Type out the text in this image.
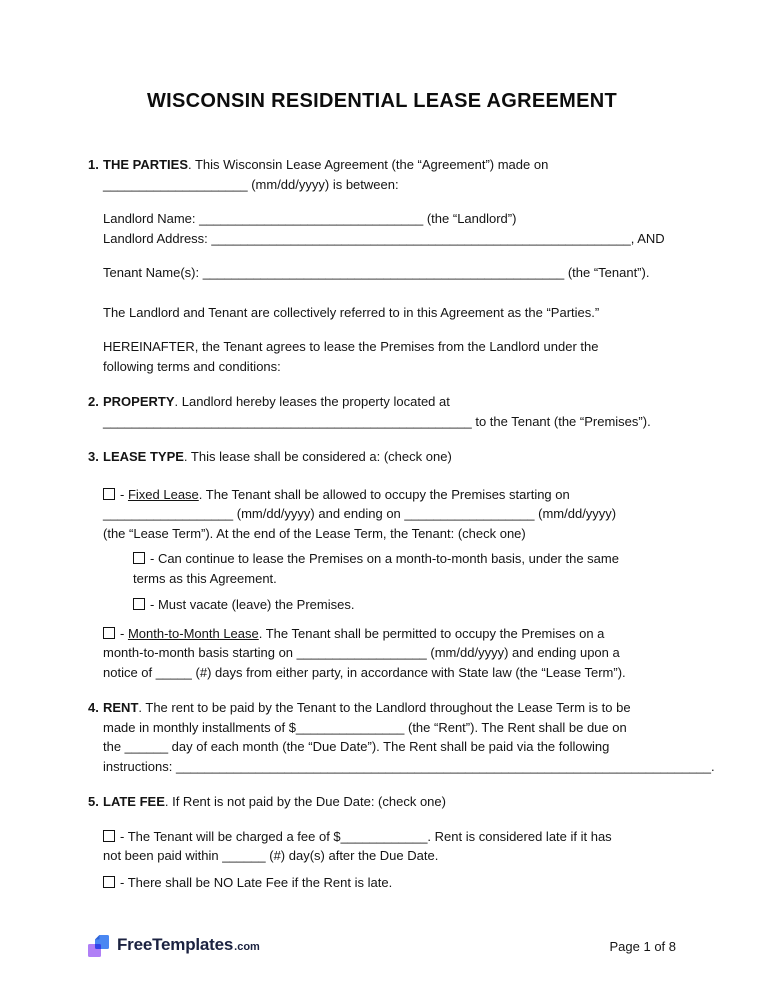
WISCONSIN RESIDENTIAL LEASE AGREEMENT
1. THE PARTIES. This Wisconsin Lease Agreement (the “Agreement”) made on

____________________ (mm/dd/yyyy) is between:

Landlord Name: _______________________________ (the “Landlord”)

Landlord Address: __________________________________________________________, AND

Tenant Name(s): __________________________________________________ (the “Tenant”).

The Landlord and Tenant are collectively referred to in this Agreement as the “Parties.”

HEREINAFTER, the Tenant agrees to lease the Premises from the Landlord under the

following terms and conditions:

2. PROPERTY. Landlord hereby leases the property located at

___________________________________________________ to the Tenant (the “Premises”).

3. LEASE TYPE. This lease shall be considered a: (check one)

- Fixed Lease. The Tenant shall be allowed to occupy the Premises starting on

__________________ (mm/dd/yyyy) and ending on __________________ (mm/dd/yyyy)

(the “Lease Term”). At the end of the Lease Term, the Tenant: (check one)

- Can continue to lease the Premises on a month-to-month basis, under the same

terms as this Agreement.

- Must vacate (leave) the Premises.

- Month-to-Month Lease. The Tenant shall be permitted to occupy the Premises on a

month-to-month basis starting on __________________ (mm/dd/yyyy) and ending upon a

notice of _____ (#) days from either party, in accordance with State law (the “Lease Term”).

4. RENT. The rent to be paid by the Tenant to the Landlord throughout the Lease Term is to be

made in monthly installments of $_______________ (the “Rent”). The Rent shall be due on

the ______ day of each month (the “Due Date”). The Rent shall be paid via the following

instructions: __________________________________________________________________________.

5. LATE FEE. If Rent is not paid by the Due Date: (check one)

- The Tenant will be charged a fee of $____________. Rent is considered late if it has

not been paid within ______ (#) day(s) after the Due Date.

- There shall be NO Late Fee if the Rent is late.

FreeTemplates.com	Page 1 of 8
